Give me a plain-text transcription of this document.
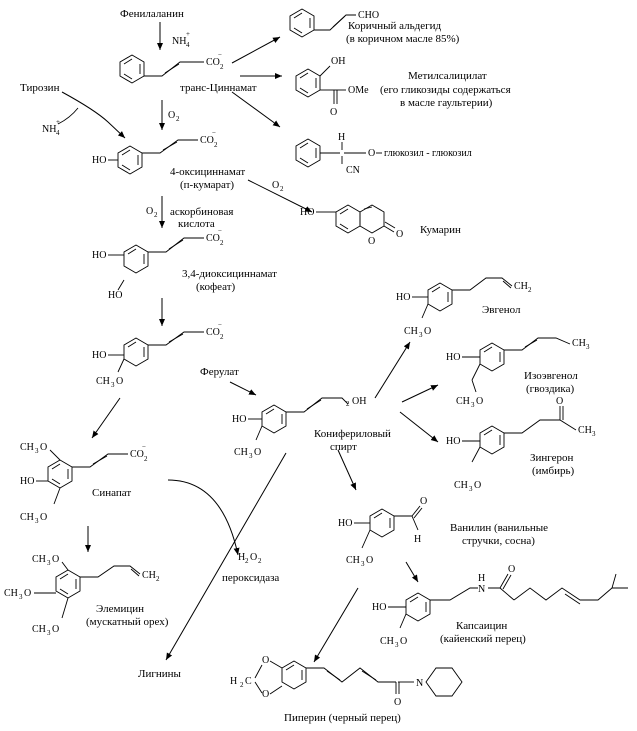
CO 2
−
CHO
OH
O
OMe
H
CN
O
HO
CO 2
−
HO
O
O
HO
HO
CO 2
−
HO
CH 3 O
CO 2
−
HO
CH 3 O
2 OH
HO
CH 3 O
CH 2
HO
CH 3 O
CH 3
HO
CH 3 O
O
CH 3
CH 3 O
HO
CH 3 O
CO 2
−
HO
CH 3 O
O
H
CH 3 O
CH 3 O
CH 3 O
CH 2
HO
CH 3 O
H
N
O
O
O
H 2 C
O
N
NH 4
+
NH 4
+
O 2
O 2
O 2
H 2 O 2
глюкозил - глюкозил
Фенилаланин
Тирозин	транс-Циннамат
Коричный альдегид
(в коричном масле 85%)
Метилсалицилат
(его гликозиды содержаться
в масле гаультерии)
4-оксициннамат
(п-кумарат)
Кумарин
аскорбиновая
кислота
3,4-диоксициннамат
(кофеат)
Ферулат
Эвгенол
Изоэвгенол
(гвоздика)
Конифериловый
спирт
Зингерон
(имбирь)
Синапат
Ванилин (ванильные
стручки, сосна)
пероксидаза
Элемицин
(мускатный орех)	Капсаицин
(кайенский перец)
Лигнины
Пиперин (черный перец)
